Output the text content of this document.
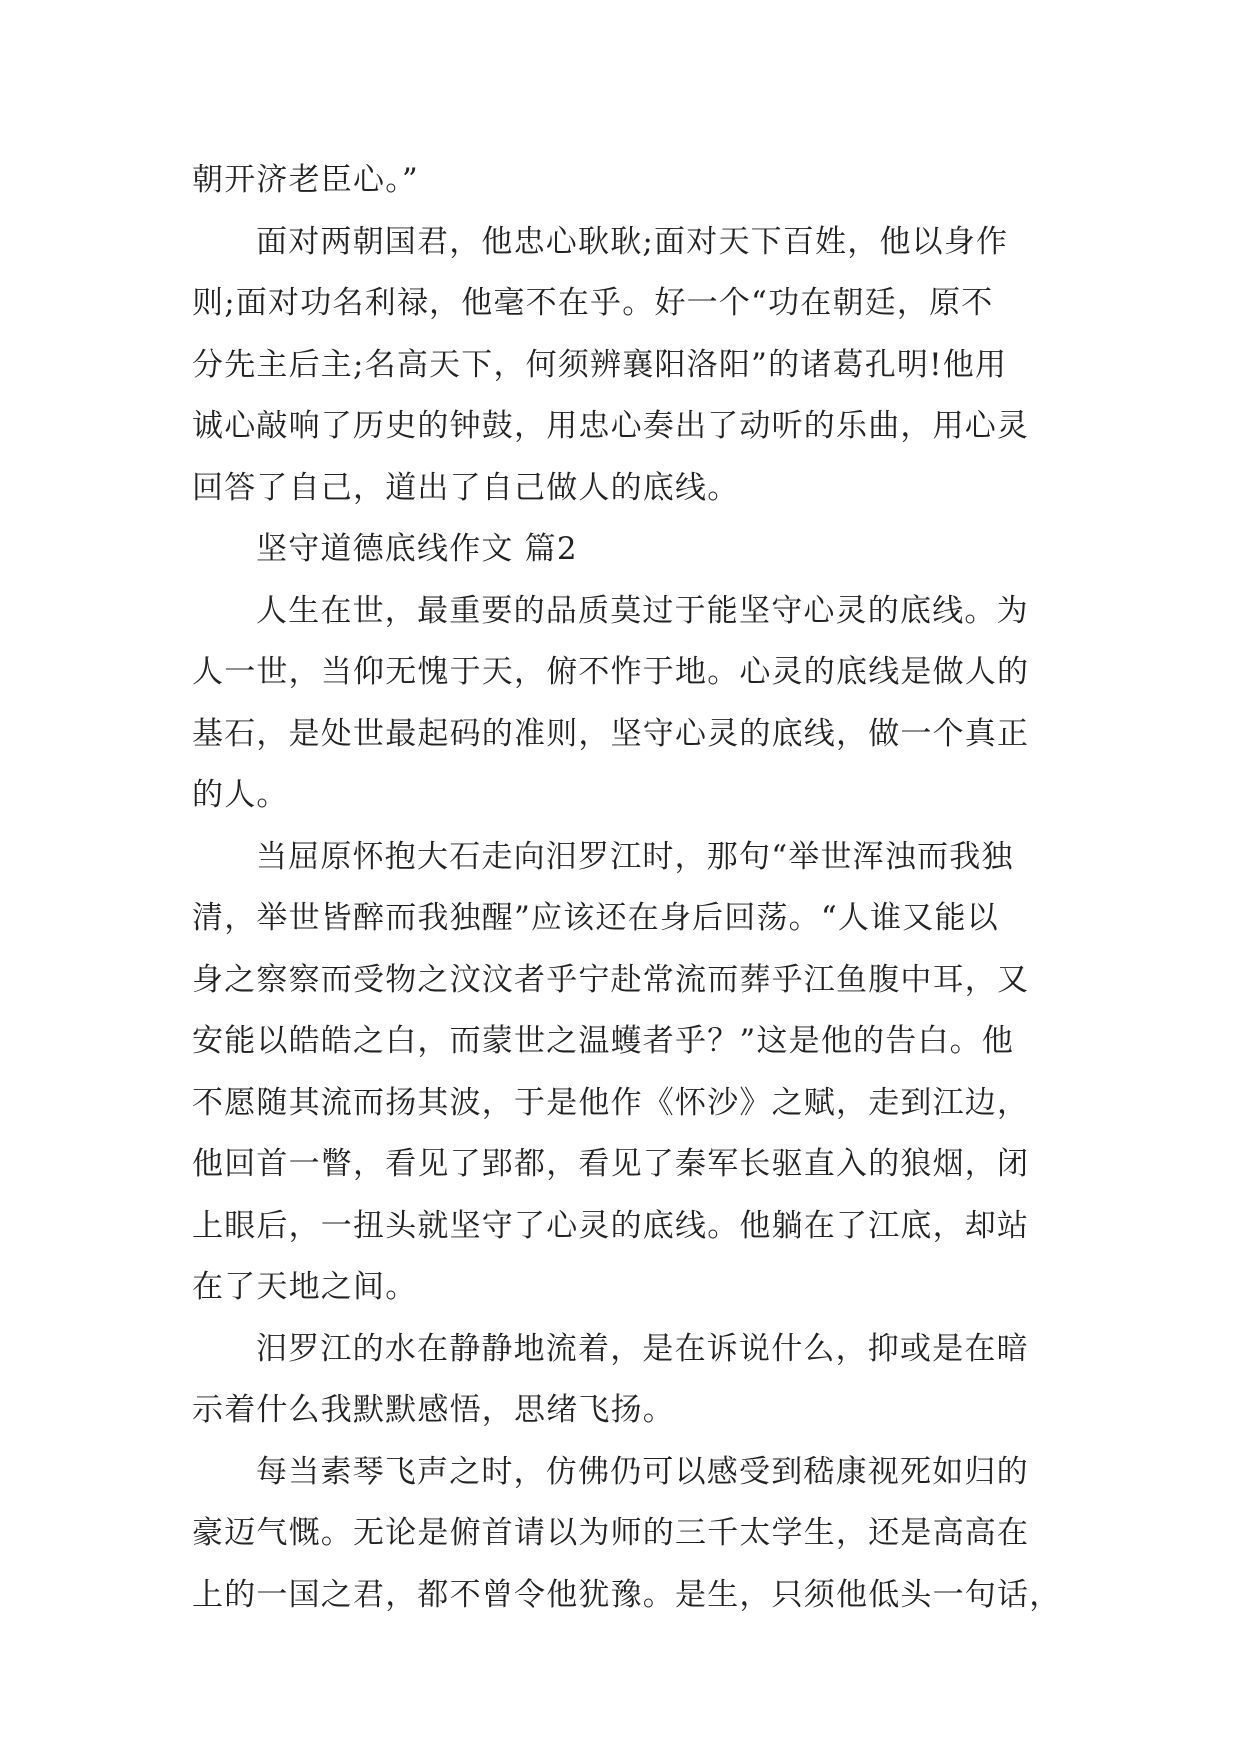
朝开济老臣心。”
面对两朝国君，他忠心耿耿;面对天下百姓，他以身作
则;面对功名利禄，他毫不在乎。好一个“功在朝廷，原不
分先主后主;名高天下，何须辨襄阳洛阳”的诸葛孔明!他用
诚心敲响了历史的钟鼓，用忠心奏出了动听的乐曲，用心灵
回答了自己，道出了自己做人的底线。
坚守道德底线作文 篇2
人生在世，最重要的品质莫过于能坚守心灵的底线。为
人一世，当仰无愧于天，俯不怍于地。心灵的底线是做人的
基石，是处世最起码的准则，坚守心灵的底线，做一个真正
的人。
当屈原怀抱大石走向汨罗江时，那句“举世浑浊而我独
清，举世皆醉而我独醒”应该还在身后回荡。“人谁又能以
身之察察而受物之汶汶者乎宁赴常流而葬乎江鱼腹中耳，又
安能以皓皓之白，而蒙世之温蠖者乎？”这是他的告白。他
不愿随其流而扬其波，于是他作《怀沙》之赋，走到江边，
他回首一瞥，看见了郢都，看见了秦军长驱直入的狼烟，闭
上眼后，一扭头就坚守了心灵的底线。他躺在了江底，却站
在了天地之间。
汨罗江的水在静静地流着，是在诉说什么，抑或是在暗
示着什么我默默感悟，思绪飞扬。
每当素琴飞声之时，仿佛仍可以感受到嵇康视死如归的
豪迈气慨。无论是俯首请以为师的三千太学生，还是高高在
上的一国之君，都不曾令他犹豫。是生，只须他低头一句话，
